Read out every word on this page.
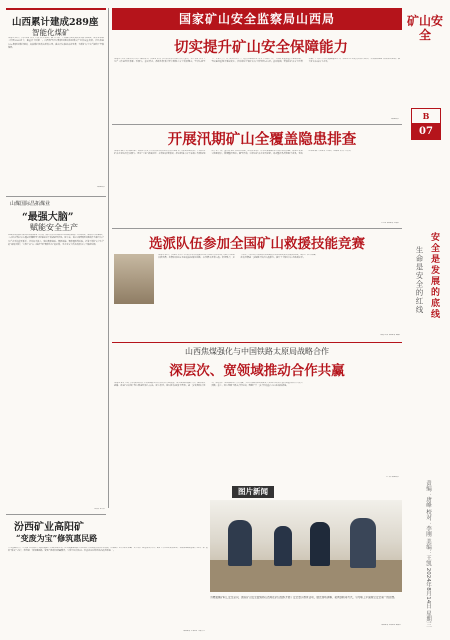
山西累计建成289座
智能化煤矿
本报讯 近日，山西省矿山安全部门传出消息，截至目前，全省累计建成智能化煤矿289座，智能化采掘工作面1360余个，数量居全国第一。山西省坚持以智能化建设推动煤炭产业高质量发展，持续推进5G+智能化煤矿建设，加快煤矿机器人研发应用，减人增安提效成效显著，为煤矿安全生产提供了坚强保障。
（韩惠靖）
山煤国际昌拓煤业
“最强大脑”
赋能安全生产
走进山煤国际昌拓煤业智能综采工作面，液压支架在电液控制系统的指挥下有序推移，采煤机自动截割，工人们在集控中心通过屏幕即可实时掌握井下设备运行状况。近年来，该公司把智能化建设作为提升安全生产水平的重要抓手，持续加大投入，建成智能综采、智能掘进、智能通风等系统，打造了煤矿安全生产的“最强大脑”，实现了从“人工巡检”到“智能监控”的转变，为企业安全高效发展注入了强劲动能。
（郭晋 张伟）
汾西矿业高阳矿
“变废为宝”修筑惠民路
七月的骄阳下，汾西矿业高阳矿门前的道路上车辆往来有序。这条道路是该矿利用煤矸石等固废材料修筑而成，既解决了矸石堆放难题，又方便了周边群众出行。该矿坚持绿色发展理念，积极推进固废综合利用，把“废料”变成“宝贝”，修筑起一条条惠民路，受到当地群众普遍赞誉，实现了经济效益、社会效益和环境效益的有机统一。
（韩惠靖 李晓明 马新华）
国家矿山安全监察局山西局
切实提升矿山安全保障能力
本报讯 为切实提升矿山安全保障能力，国家矿山安全监察局山西局近日召开会议，对全省矿山安全生产工作进行再部署、再落实。会议要求，各级监察部门要牢固树立安全发展理念，坚持人民至上、生命至上，以“时时放心不下”的责任感抓好矿山安全各项工作，全面排查整治重大事故隐患，坚决遏制重特大事故发生，持续推动全省矿山安全形势稳定向好。会议强调，要强化矿山安全监管执法，严厉打击各类违法违规行为，推动企业主体责任落实到位。要加快推进矿山智能化建设，提升矿山本质安全水平。
（韩惠靖）
开展汛期矿山全覆盖隐患排查
本报讯 进入主汛期以来，国家矿山安全监察局山西局组织开展汛期矿山全覆盖隐患排查，全面检查矿山企业防汛责任落实、雨季“三防”措施执行、水害防治等情况。检查组深入井下采掘工作面和地面工业广场，重点排查矿井排水系统、地表水防治、应急物资储备等方面存在的问题，督促企业建立隐患清单，限期整改到位。截至目前，已检查矿山企业百余家，排查整改各类隐患千余条，有效防范化解了汛期安全风险，确保矿山安全度汛。
（李明 韩惠靖 赵静）
选派队伍参加全国矿山救援技能竞赛
本报讯 近日，国家矿山安全监察局山西局选派优秀矿山救护队伍参加全国矿山救援技能竞赛。参赛队员经过多轮选拔和强化训练，在竞赛中沉着应战、密切配合，充分展示了山西矿山救援队伍过硬的技术本领和良好的精神风貌，取得了优异成绩。此次竞赛进一步锤炼了队伍实战能力，提升了全省矿山应急救援水平。
本报记者 韩惠靖 摄影
山西焦煤强化与中国铁路太原局战略合作
深层次、宽领域推动合作共赢
本报讯 8月上旬，山西焦煤集团与中国铁路太原局集团召开座谈会，双方就深化战略合作、保障煤炭运输、推进“公转铁”等方面进行深入交流。双方表示，将以此次座谈为契机，进一步发挥各自优势，深层次、宽领域推动合作共赢，共同为保障国家能源安全和地方经济社会高质量发展作出更大贡献。会上，双方签署了相关合作协议，明确了下一步合作的重点方向和具体措施。
（王晋 韩惠靖）
图片新闻
为增强煤矿职工安全意识，国家矿山安全监察局山西局在矿区组织开展了安全警示教育活动，通过现场讲解、案例剖析等方式，引导职工牢固树立安全第一的思想。
（韩惠靖 杨晓明 摄影）
矿山安全
B
07
安全是发展的底线
生命是安全的红线
责编：唐峰 校对：李刚 美编：王凯 2024年8月14日 星期三
